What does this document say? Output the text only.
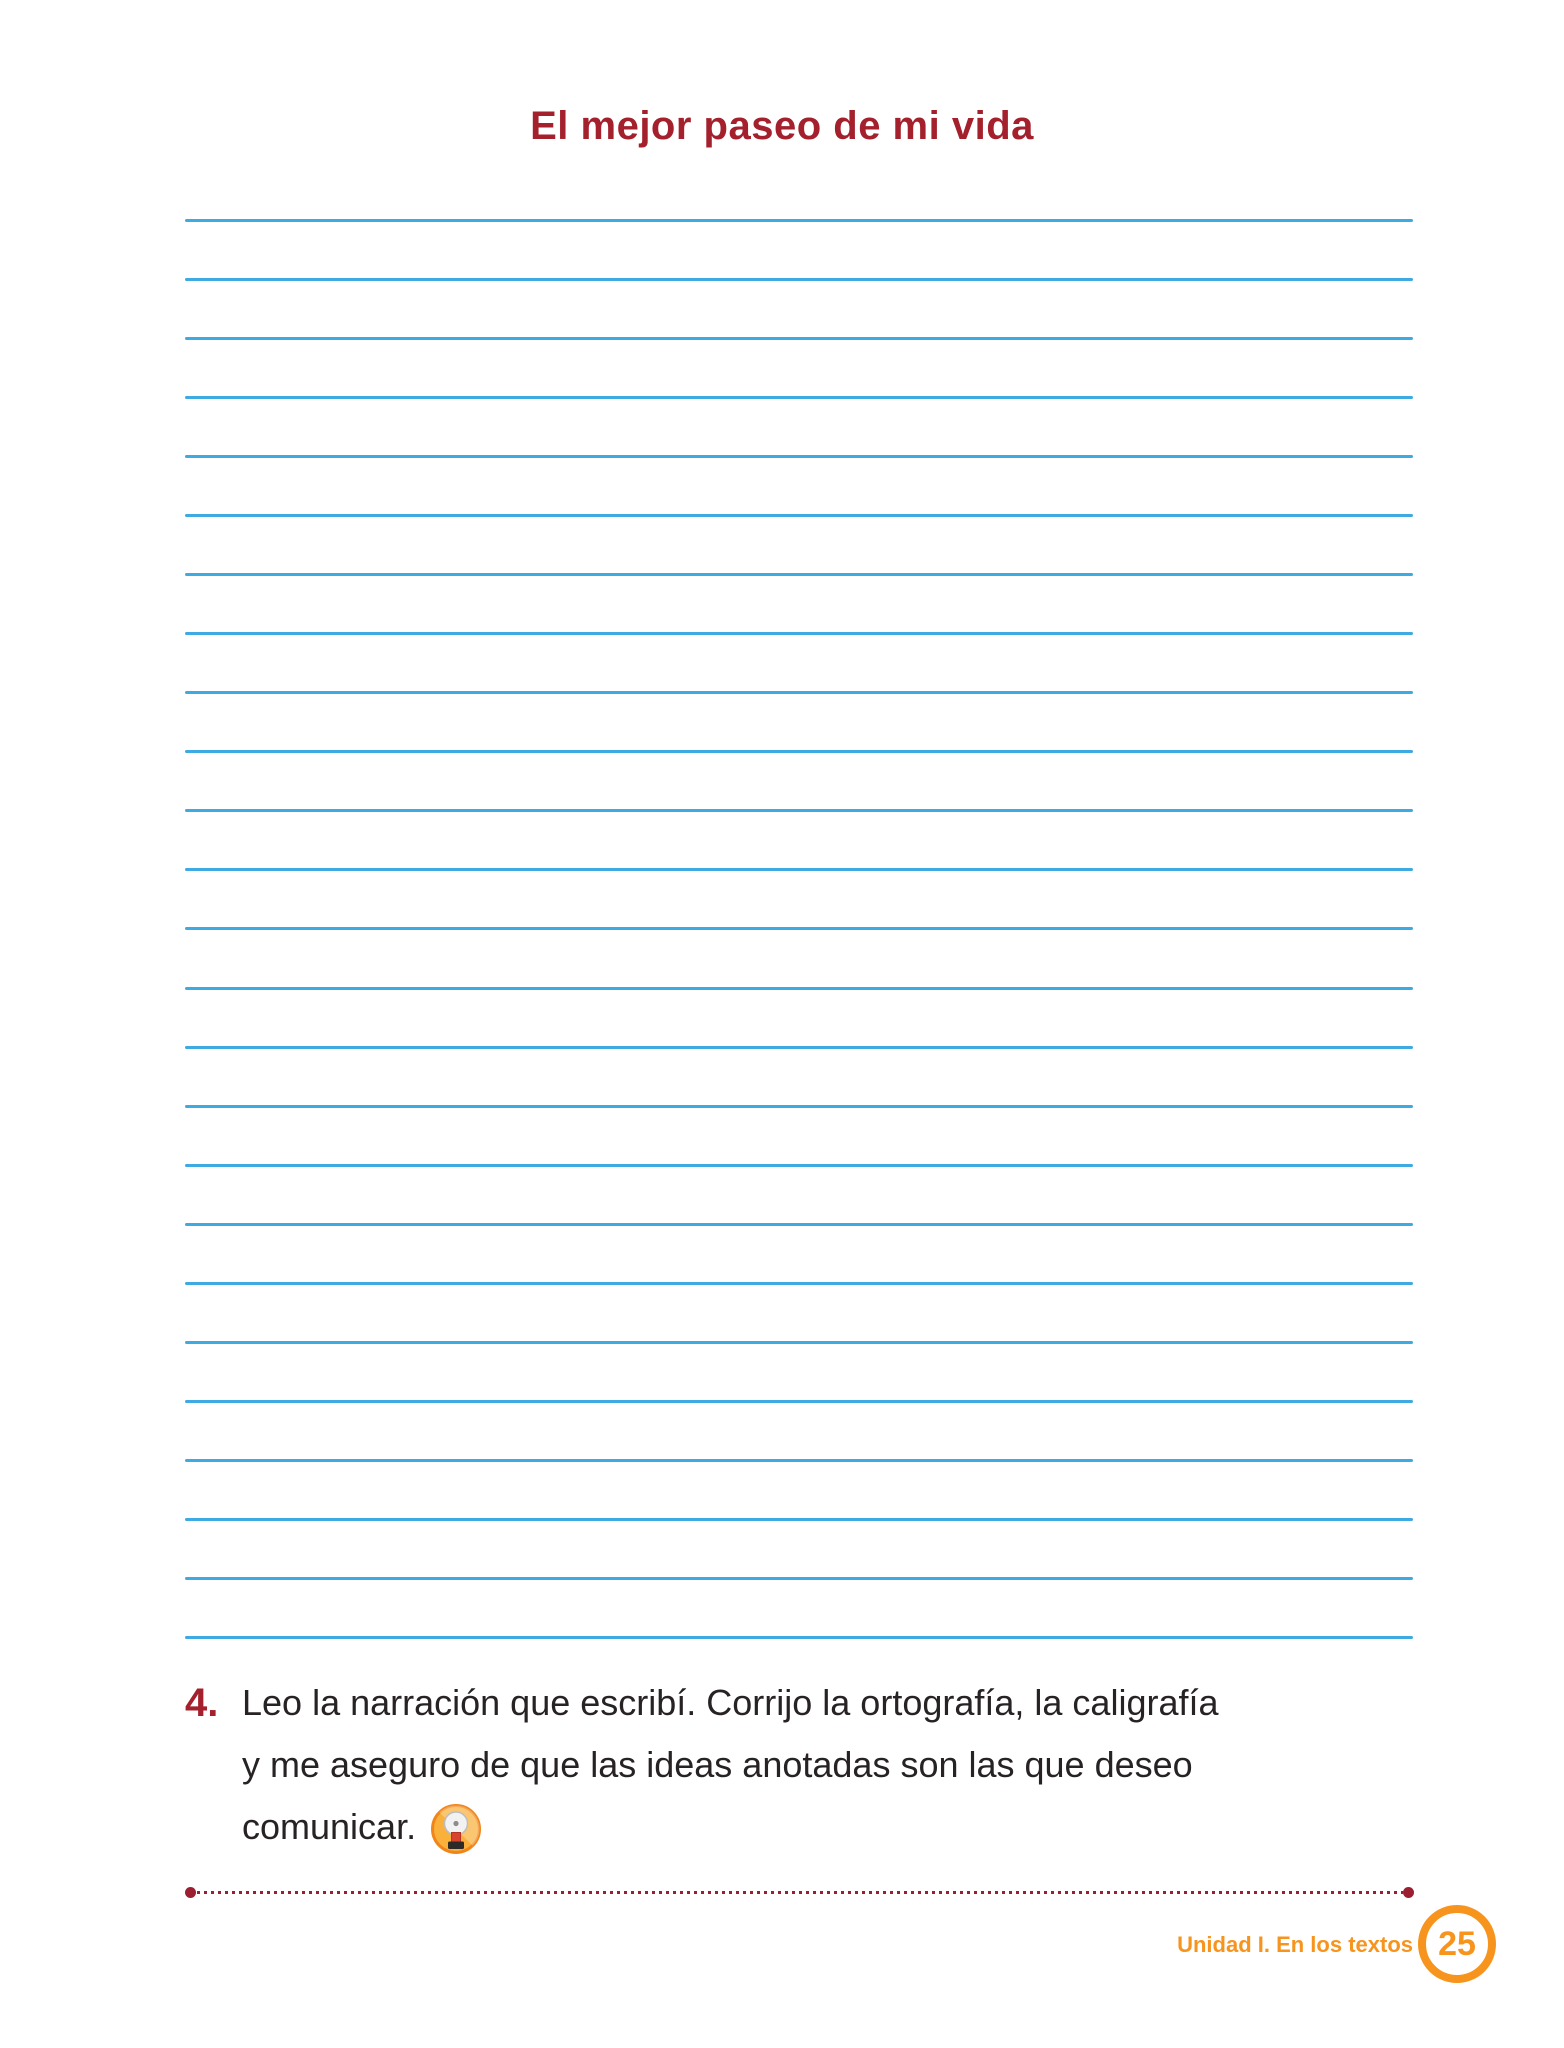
El mejor paseo de mi vida
4. Leo la narración que escribí. Corrijo la ortografía, la caligrafía
y me aseguro de que las ideas anotadas son las que deseo
comunicar.
Unidad I. En los textos 25
